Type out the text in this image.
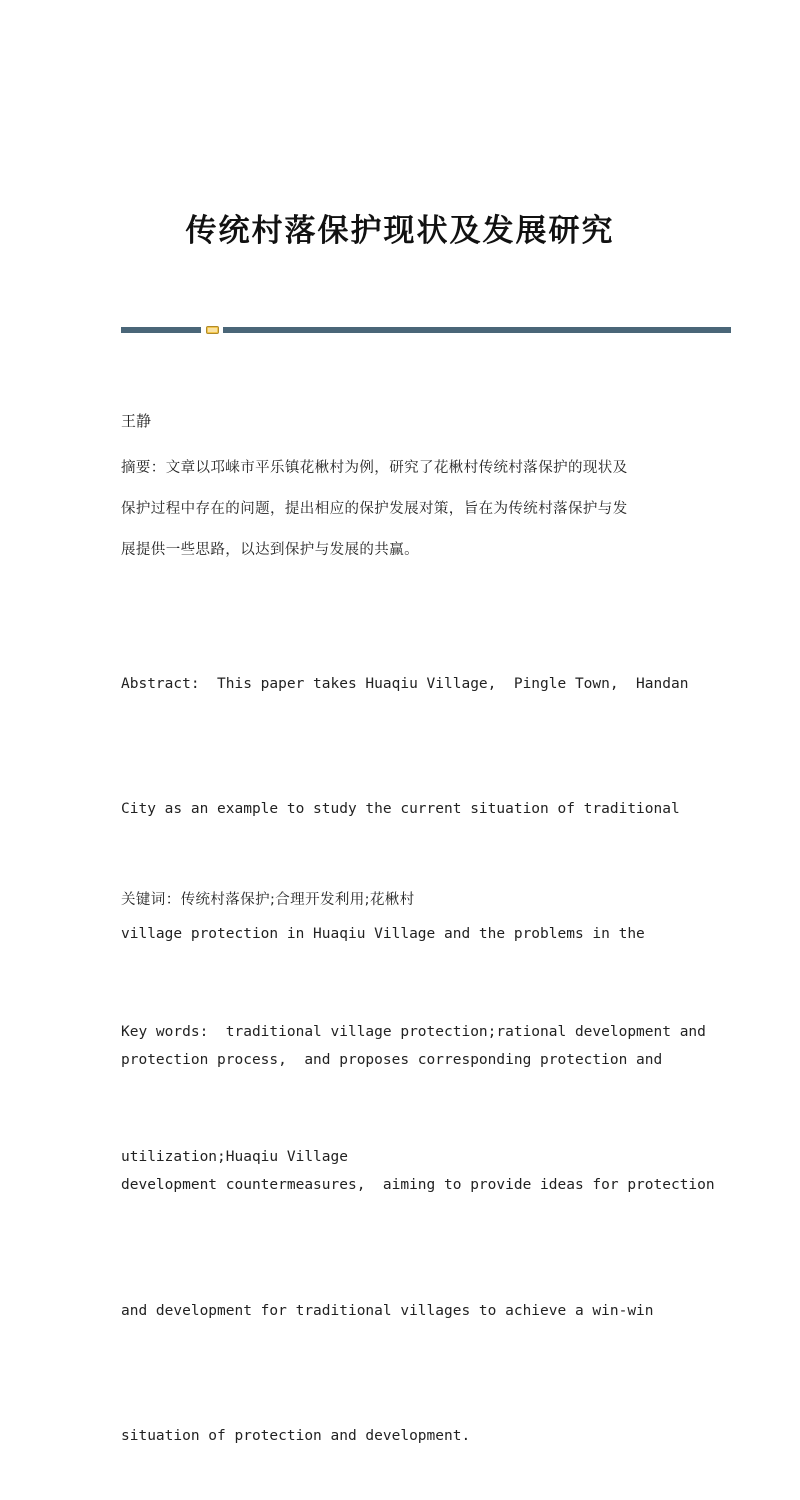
传统村落保护现状及发展研究
王静

摘要：文章以邛崃市平乐镇花楸村为例，研究了花楸村传统村落保护的现状及
保护过程中存在的问题，提出相应的保护发展对策，旨在为传统村落保护与发
展提供一些思路，以达到保护与发展的共赢。

Abstract:  This paper takes Huaqiu Village,  Pingle Town,  Handan

City as an example to study the current situation of traditional

village protection in Huaqiu Village and the problems in the

protection process,  and proposes corresponding protection and

development countermeasures,  aiming to provide ideas for protection

and development for traditional villages to achieve a win-win

situation of protection and development.

关键词：传统村落保护;合理开发利用;花楸村

Key words:  traditional village protection;rational development and

utilization;Huaqiu Village
